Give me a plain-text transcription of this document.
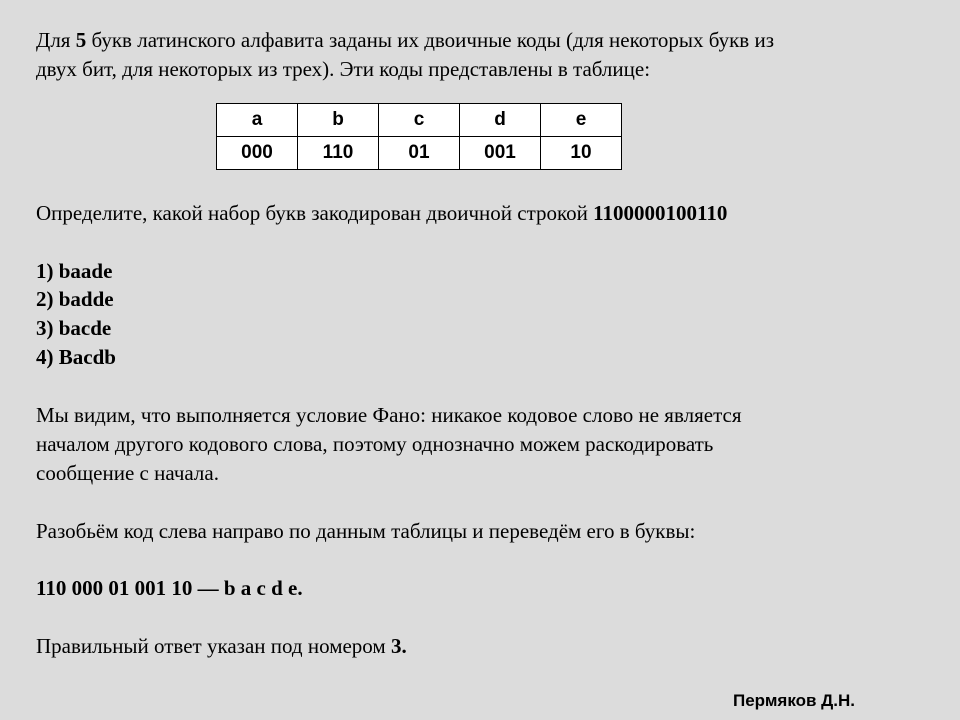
Для 5 букв латинского алфавита заданы их двоичные коды (для некоторых букв из
двух бит, для некоторых из трех). Эти коды представлены в таблице:
a	b	c	d	e
000	110	01	001	10
Определите, какой набор букв закодирован двоичной строкой 1100000100110
1) baade
2) badde
3) bacde
4) Bacdb
Мы видим, что выполняется условие Фано: никакое кодовое слово не является
началом другого кодового слова, поэтому однозначно можем раскодировать
сообщение с начала.
Разобьём код слева направо по данным таблицы и переведём его в буквы:
110 000 01 001 10 — b a c d e.
Правильный ответ указан под номером 3.
Пермяков Д.Н.
